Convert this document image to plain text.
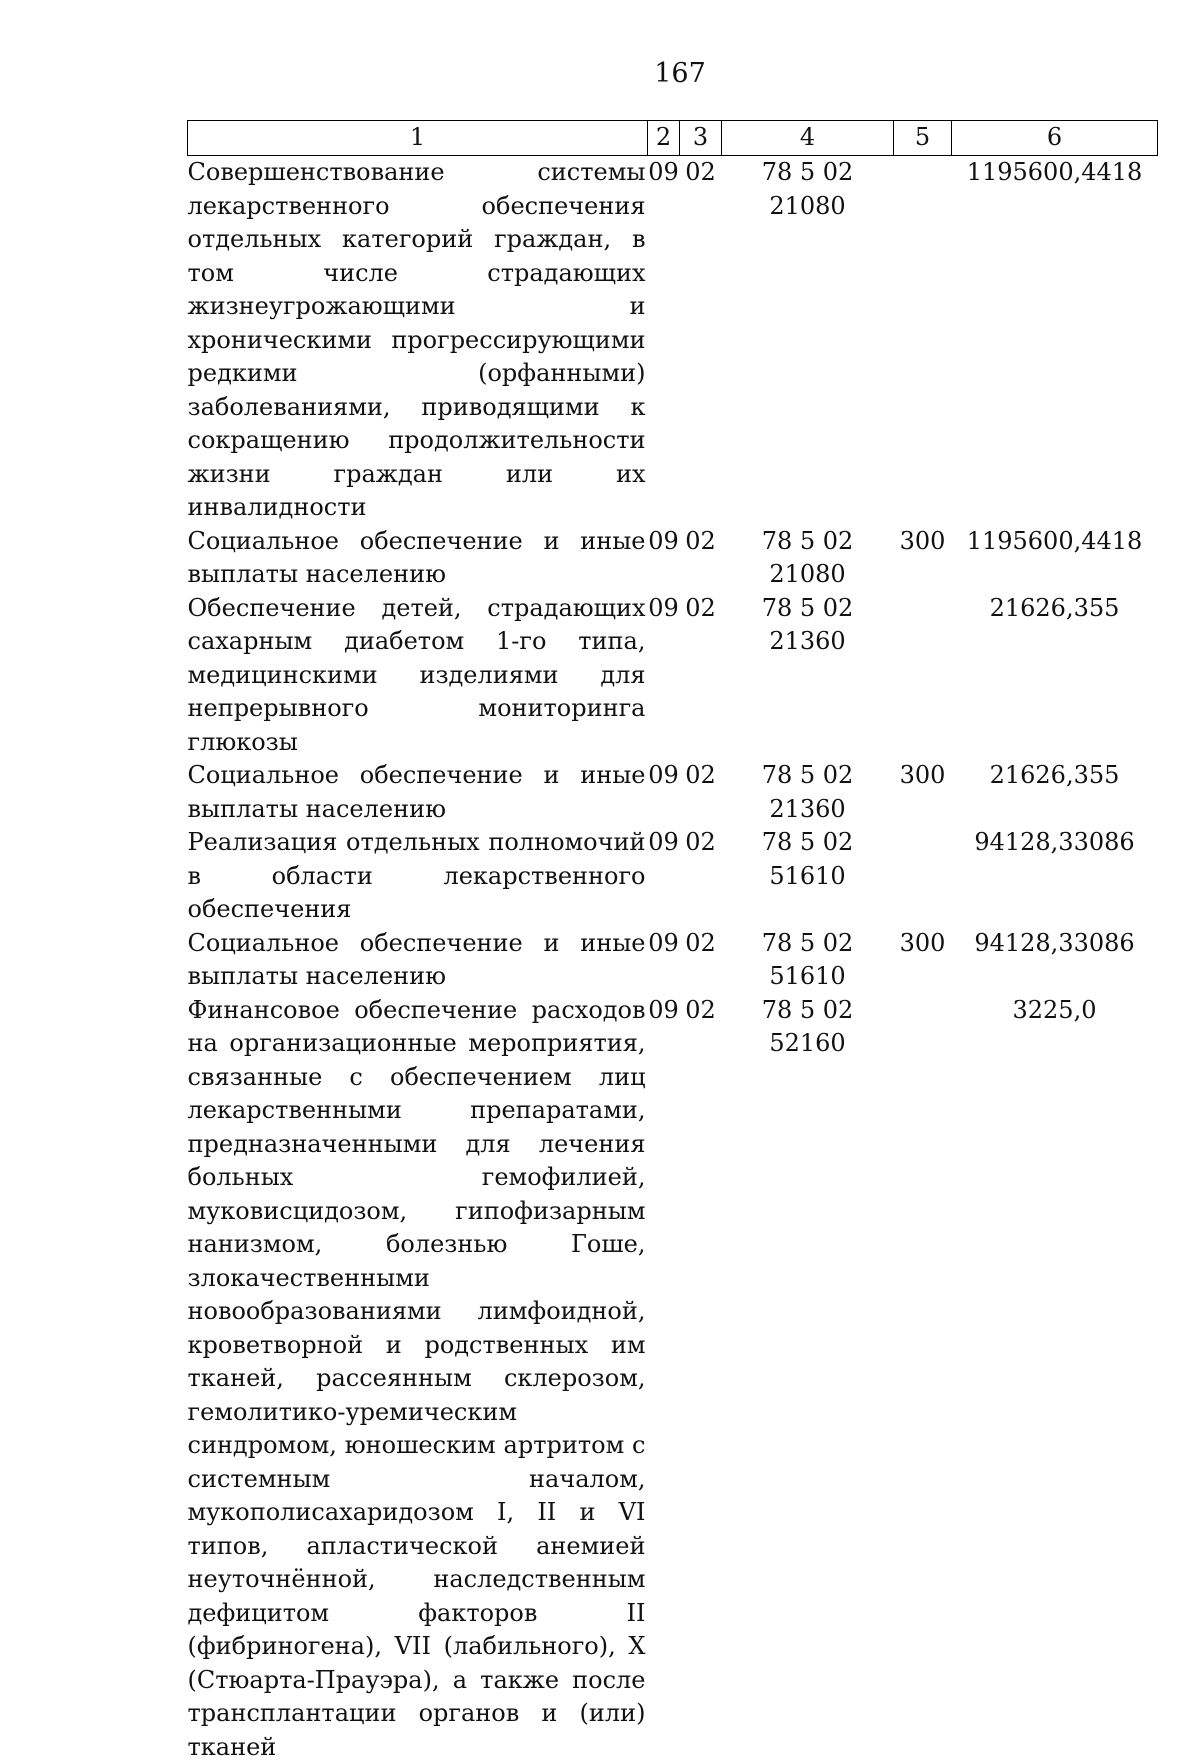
167
1	2	3	4	5	6
Совершенствование системы лекарственного обеспечения отдельных категорий граждан, в том числе страдающих жизнеугрожающими и хроническими прогрессирующими редкими (орфанными) заболеваниями, приводящими к сокращению продолжительности жизни граждан или их инвалидности	09	02	78 5 02 21080		1195600,4418
Социальное обеспечение и иные выплаты населению	09	02	78 5 02 21080	300	1195600,4418
Обеспечение детей, страдающих сахарным диабетом 1-го типа, медицинскими изделиями для непрерывного мониторинга глюкозы	09	02	78 5 02 21360		21626,355
Социальное обеспечение и иные выплаты населению	09	02	78 5 02 21360	300	21626,355
Реализация отдельных полномочий в области лекарственного обеспечения	09	02	78 5 02 51610		94128,33086
Социальное обеспечение и иные выплаты населению	09	02	78 5 02 51610	300	94128,33086
Финансовое обеспечение расходов на организационные мероприятия, связанные с обеспечением лиц лекарственными препаратами, предназначенными для лечения больных гемофилией, муковисцидозом, гипофизарным нанизмом, болезнью Гоше, злокачественными новообразованиями лимфоидной, кроветворной и родственных им тканей, рассеянным склерозом, гемолитико-уремическим синдромом, юношеским артритом с системным началом, мукополисахаридозом I, II и VI типов, апластической анемией неуточнённой, наследственным дефицитом факторов II (фибриногена), VII (лабильного), X (Стюарта-Прауэра), а также после трансплантации органов и (или) тканей	09	02	78 5 02 52160		3225,0
